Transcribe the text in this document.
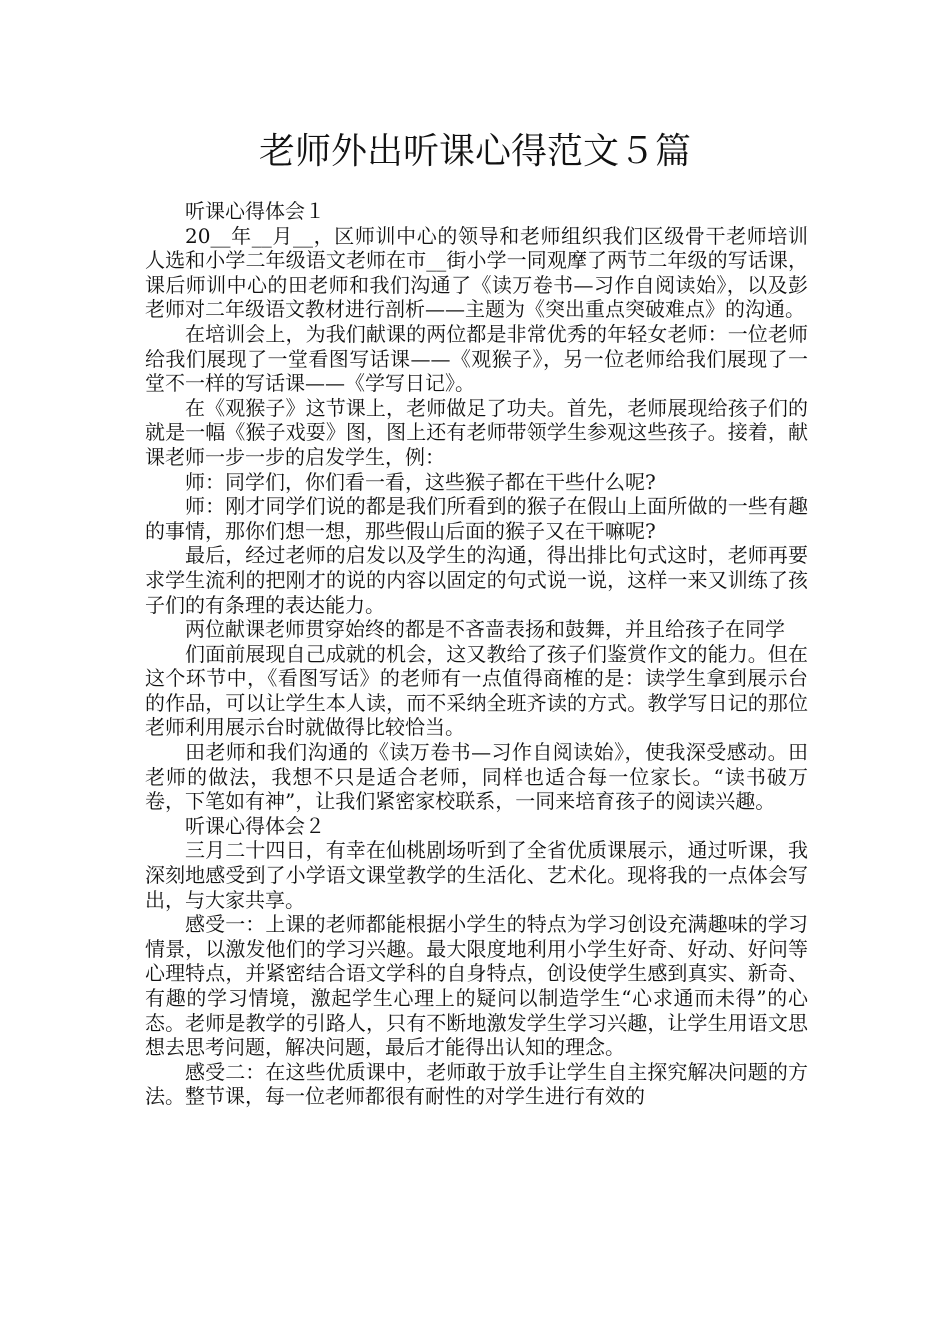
老师外出听课心得范文５篇

听课心得体会１

20__年__月__，区师训中心的领导和老师组织我们区级骨干老师培训人选和小学二年级语文老师在市__街小学一同观摩了两节二年级的写话课，课后师训中心的田老师和我们沟通了《读万卷书—习作自阅读始》，以及彭老师对二年级语文教材进行剖析——主题为《突出重点突破难点》的沟通。

在培训会上，为我们献课的两位都是非常优秀的年轻女老师：一位老师给我们展现了一堂看图写话课——《观猴子》，另一位老师给我们展现了一堂不一样的写话课——《学写日记》。

在《观猴子》这节课上，老师做足了功夫。首先，老师展现给孩子们的就是一幅《猴子戏耍》图，图上还有老师带领学生参观这些孩子。接着，献课老师一步一步的启发学生，例：

师：同学们，你们看一看，这些猴子都在干些什么呢?

师：刚才同学们说的都是我们所看到的猴子在假山上面所做的一些有趣的事情，那你们想一想，那些假山后面的猴子又在干嘛呢?

最后，经过老师的启发以及学生的沟通，得出排比句式这时，老师再要求学生流利的把刚才的说的内容以固定的句式说一说，这样一来又训练了孩子们的有条理的表达能力。

两位献课老师贯穿始终的都是不吝啬表扬和鼓舞，并且给孩子在同学

们面前展现自己成就的机会，这又教给了孩子们鉴赏作文的能力。但在这个环节中，《看图写话》的老师有一点值得商榷的是：读学生拿到展示台的作品，可以让学生本人读，而不采纳全班齐读的方式。教学写日记的那位老师利用展示台时就做得比较恰当。

田老师和我们沟通的《读万卷书—习作自阅读始》，使我深受感动。田老师的做法，我想不只是适合老师，同样也适合每一位家长。“读书破万卷，下笔如有神”，让我们紧密家校联系，一同来培育孩子的阅读兴趣。

听课心得体会２

三月二十四日，有幸在仙桃剧场听到了全省优质课展示，通过听课，我深刻地感受到了小学语文课堂教学的生活化、艺术化。现将我的一点体会写出，与大家共享。

感受一：上课的老师都能根据小学生的特点为学习创设充满趣味的学习情景，以激发他们的学习兴趣。最大限度地利用小学生好奇、好动、好问等心理特点，并紧密结合语文学科的自身特点，创设使学生感到真实、新奇、有趣的学习情境，激起学生心理上的疑问以制造学生“心求通而未得”的心态。老师是教学的引路人，只有不断地激发学生学习兴趣，让学生用语文思想去思考问题，解决问题，最后才能得出认知的理念。

感受二：在这些优质课中，老师敢于放手让学生自主探究解决问题的方法。整节课，每一位老师都很有耐性的对学生进行有效的
